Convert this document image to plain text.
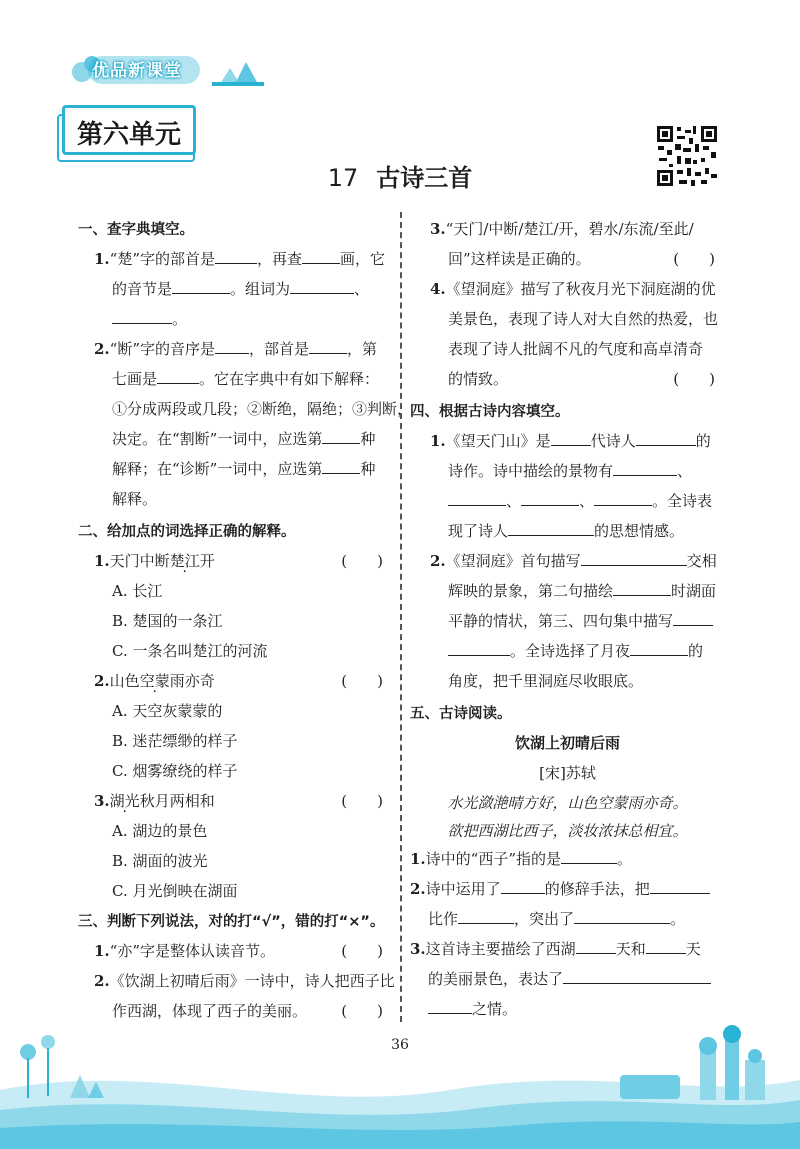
优品新课堂
第六单元
17 古诗三首
一、查字典填空。
1.“楚”字的部首是	，再查	画，它
的音节是	。组词为	、
。
2.“断”字的音序是 ，部首是	，第
七画是	。它在字典中有如下解释：
①分成两段或几段；②断绝，隔绝；③判断，
决定。在“割断”一词中，应选第	种
解释；在“诊断”一词中，应选第	种
解释。
二、给加点的词选择正确的解释。
1.天门中断楚江开	(　　)
A. 长江
B. 楚国的一条江
C. 一条名叫楚江的河流
2.山色空蒙雨亦奇	(　　)
A. 天空灰蒙蒙的
B. 迷茫缥缈的样子
C. 烟雾缭绕的样子
3.湖光秋月两相和	(　　)
A. 湖边的景色
B. 湖面的波光
C. 月光倒映在湖面
三、判断下列说法，对的打“√”，错的打“×”。
1.“亦”字是整体认读音节。	(　　)
2.《饮湖上初晴后雨》一诗中，诗人把西子比
作西湖，体现了西子的美丽。 (　　)
3.“天门/中断/楚江/开，碧水/东流/至此/
回”这样读是正确的。	(　　)
4.《望洞庭》描写了秋夜月光下洞庭湖的优
美景色，表现了诗人对大自然的热爱，也
表现了诗人批阔不凡的气度和高卓清奇
的情致。	(　　)
四、根据古诗内容填空。
1.《望天门山》是	代诗人	的
诗作。诗中描绘的景物有	、
、	、	。全诗表
现了诗人	的思想情感。
2.《望洞庭》首句描写	交相
辉映的景象，第二句描绘	时湖面
平静的情状，第三、四句集中描写
。全诗选择了月夜	的
角度，把千里洞庭尽收眼底。
五、古诗阅读。
饮湖上初晴后雨
[宋]苏轼
水光潋滟晴方好，山色空蒙雨亦奇。
欲把西湖比西子，淡妆浓抹总相宜。
1.诗中的“西子”指的是	。
2.诗中运用了	的修辞手法，把
比作	，突出了	。
3.这首诗主要描绘了西湖	天和	天
的美丽景色，表达了
之情。
36
